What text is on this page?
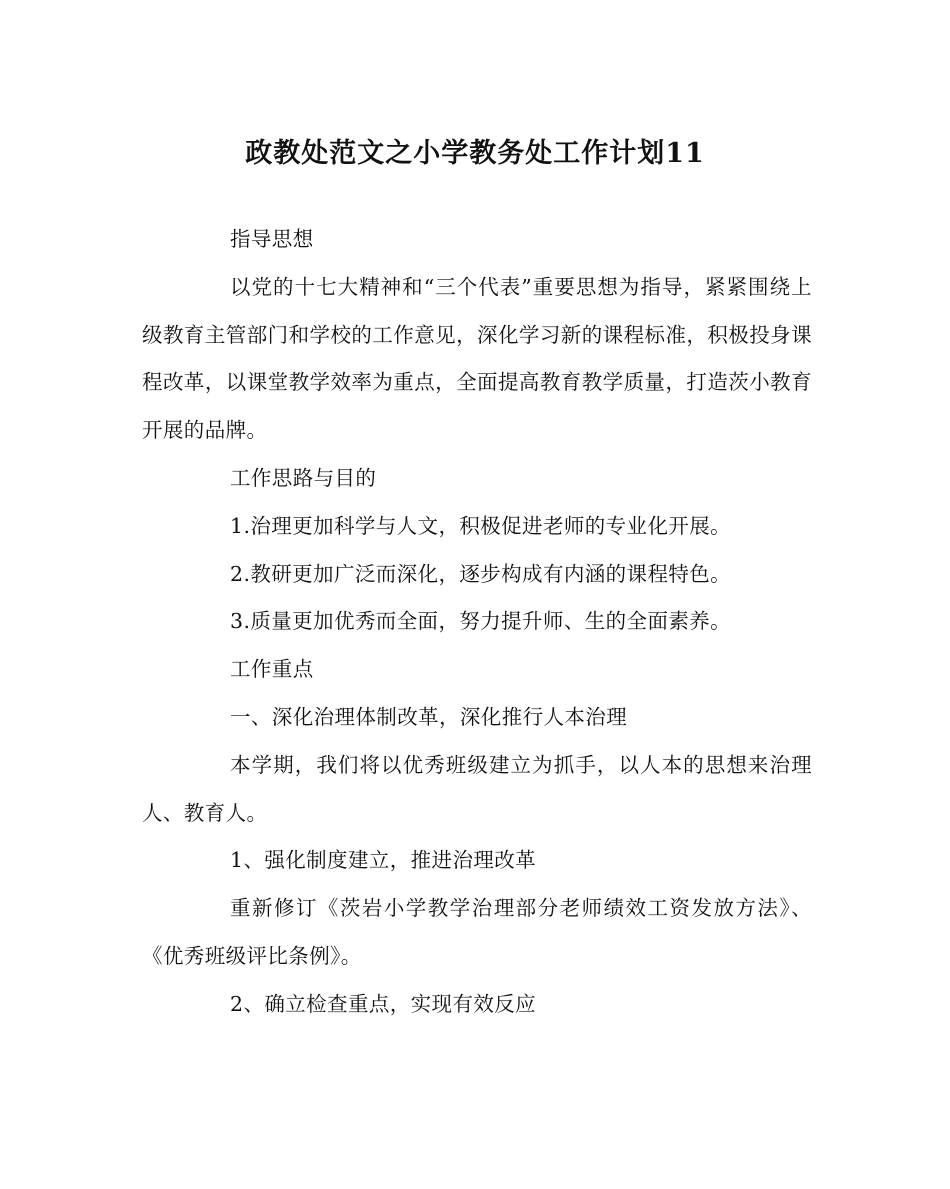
政教处范文之小学教务处工作计划11

指导思想

以党的十七大精神和“三个代表”重要思想为指导，紧紧围绕上级教育主管部门和学校的工作意见，深化学习新的课程标准，积极投身课程改革，以课堂教学效率为重点，全面提高教育教学质量，打造茨小教育开展的品牌。

工作思路与目的

1.治理更加科学与人文，积极促进老师的专业化开展。

2.教研更加广泛而深化，逐步构成有内涵的课程特色。

3.质量更加优秀而全面，努力提升师、生的全面素养。

工作重点

一、深化治理体制改革，深化推行人本治理

本学期，我们将以优秀班级建立为抓手，以人本的思想来治理人、教育人。

1、强化制度建立，推进治理改革

重新修订《茨岩小学教学治理部分老师绩效工资发放方法》、《优秀班级评比条例》。

2、确立检查重点，实现有效反应
